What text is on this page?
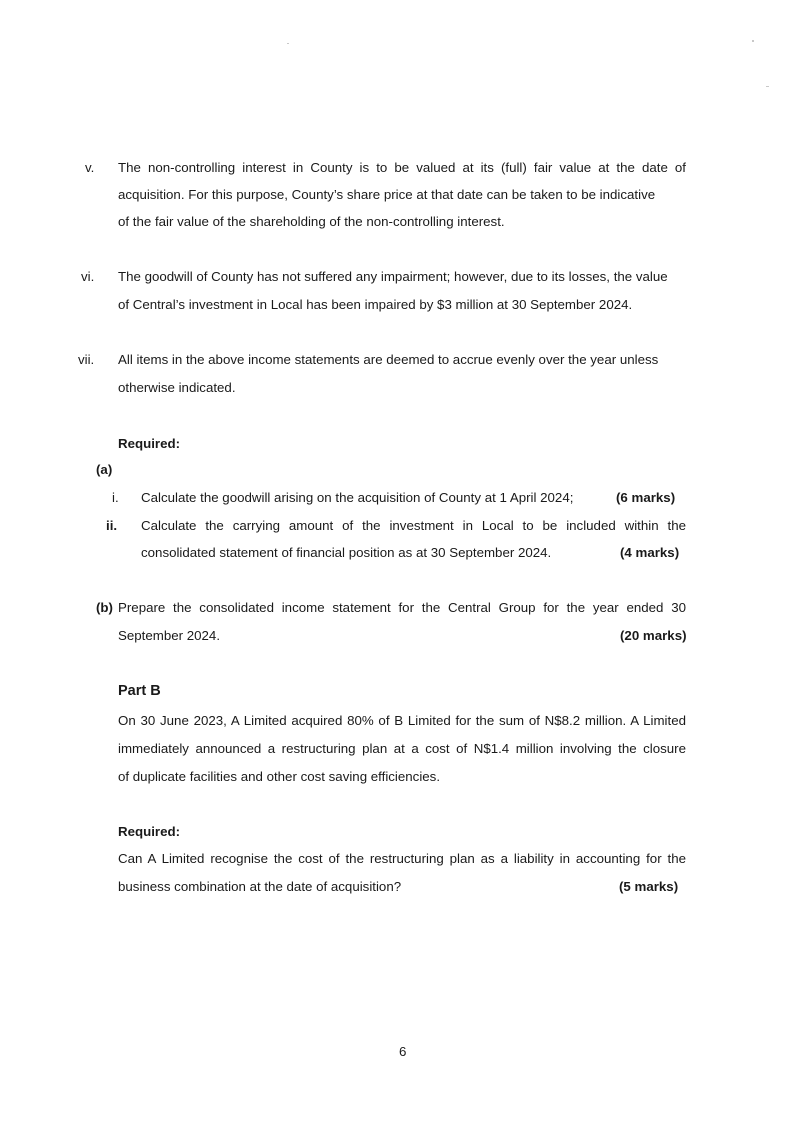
v. The non-controlling interest in County is to be valued at its (full) fair value at the date of
acquisition. For this purpose, County’s share price at that date can be taken to be indicative
of the fair value of the shareholding of the non-controlling interest.
vi. The goodwill of County has not suffered any impairment; however, due to its losses, the value
of Central’s investment in Local has been impaired by $3 million at 30 September 2024.
vii. All items in the above income statements are deemed to accrue evenly over the year unless
otherwise indicated.
Required:
(a)
i. Calculate the goodwill arising on the acquisition of County at 1 April 2024;	(6 marks)
ii. Calculate the carrying amount of the investment in Local to be included within the
consolidated statement of financial position as at 30 September 2024.	(4 marks)
(b) Prepare the consolidated income statement for the Central Group for the year ended 30
September 2024.	(20 marks)
Part B
On 30 June 2023, A Limited acquired 80% of B Limited for the sum of N$8.2 million. A Limited
immediately announced a restructuring plan at a cost of N$1.4 million involving the closure
of duplicate facilities and other cost saving efficiencies.
Required:
Can A Limited recognise the cost of the restructuring plan as a liability in accounting for the
business combination at the date of acquisition?	(5 marks)
6
